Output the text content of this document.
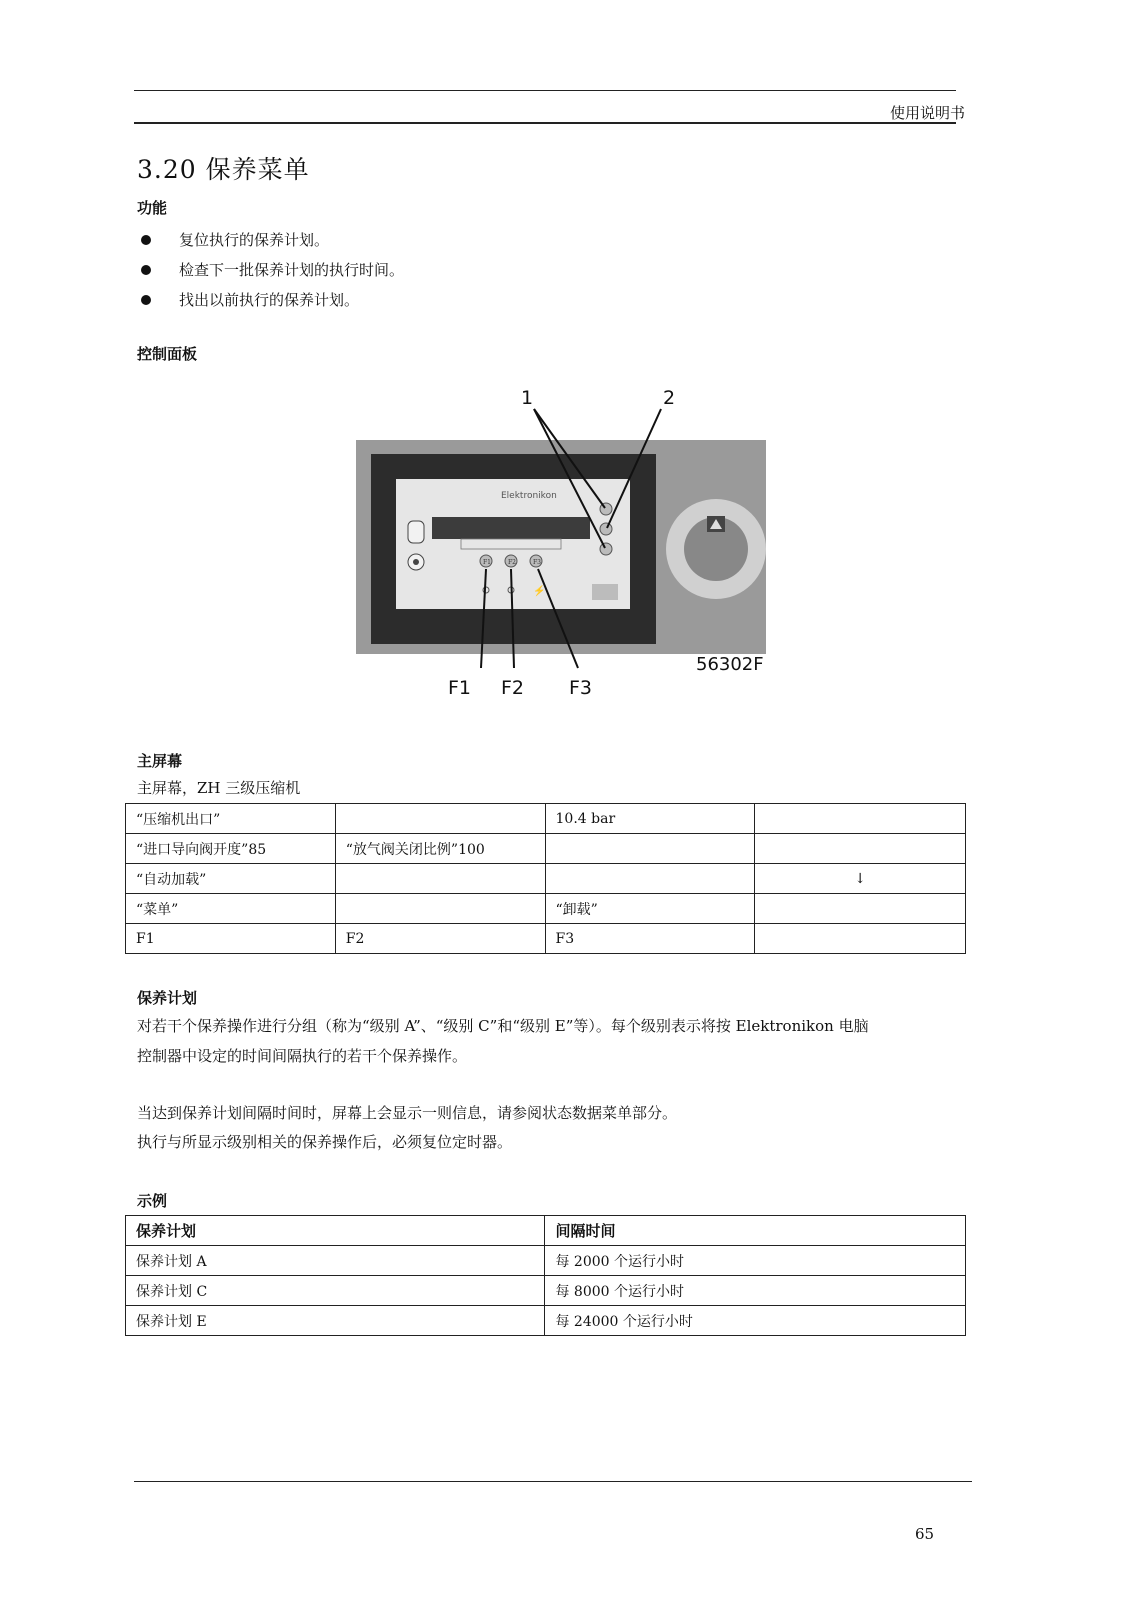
使用说明书
3.20 保养菜单
功能
复位执行的保养计划。
检查下一批保养计划的执行时间。
找出以前执行的保养计划。
控制面板
Elektronikon
F1	F2	F3
⚡
1	2
F1 F2 F3
56302F
主屏幕
主屏幕，ZH 三级压缩机
“压缩机出口”		10.4 bar	
“进口导向阀开度”85	“放气阀关闭比例”100		
“自动加载”			↓
“菜单”		“卸载”	
F1	F2	F3	
保养计划
对若干个保养操作进行分组（称为“级别 A”、“级别 C”和“级别 E”等）。每个级别表示将按 Elektronikon 电脑
控制器中设定的时间间隔执行的若干个保养操作。
当达到保养计划间隔时间时，屏幕上会显示一则信息，请参阅状态数据菜单部分。
执行与所显示级别相关的保养操作后，必须复位定时器。
示例
保养计划	间隔时间
保养计划 A	每 2000 个运行小时
保养计划 C	每 8000 个运行小时
保养计划 E	每 24000 个运行小时
65
